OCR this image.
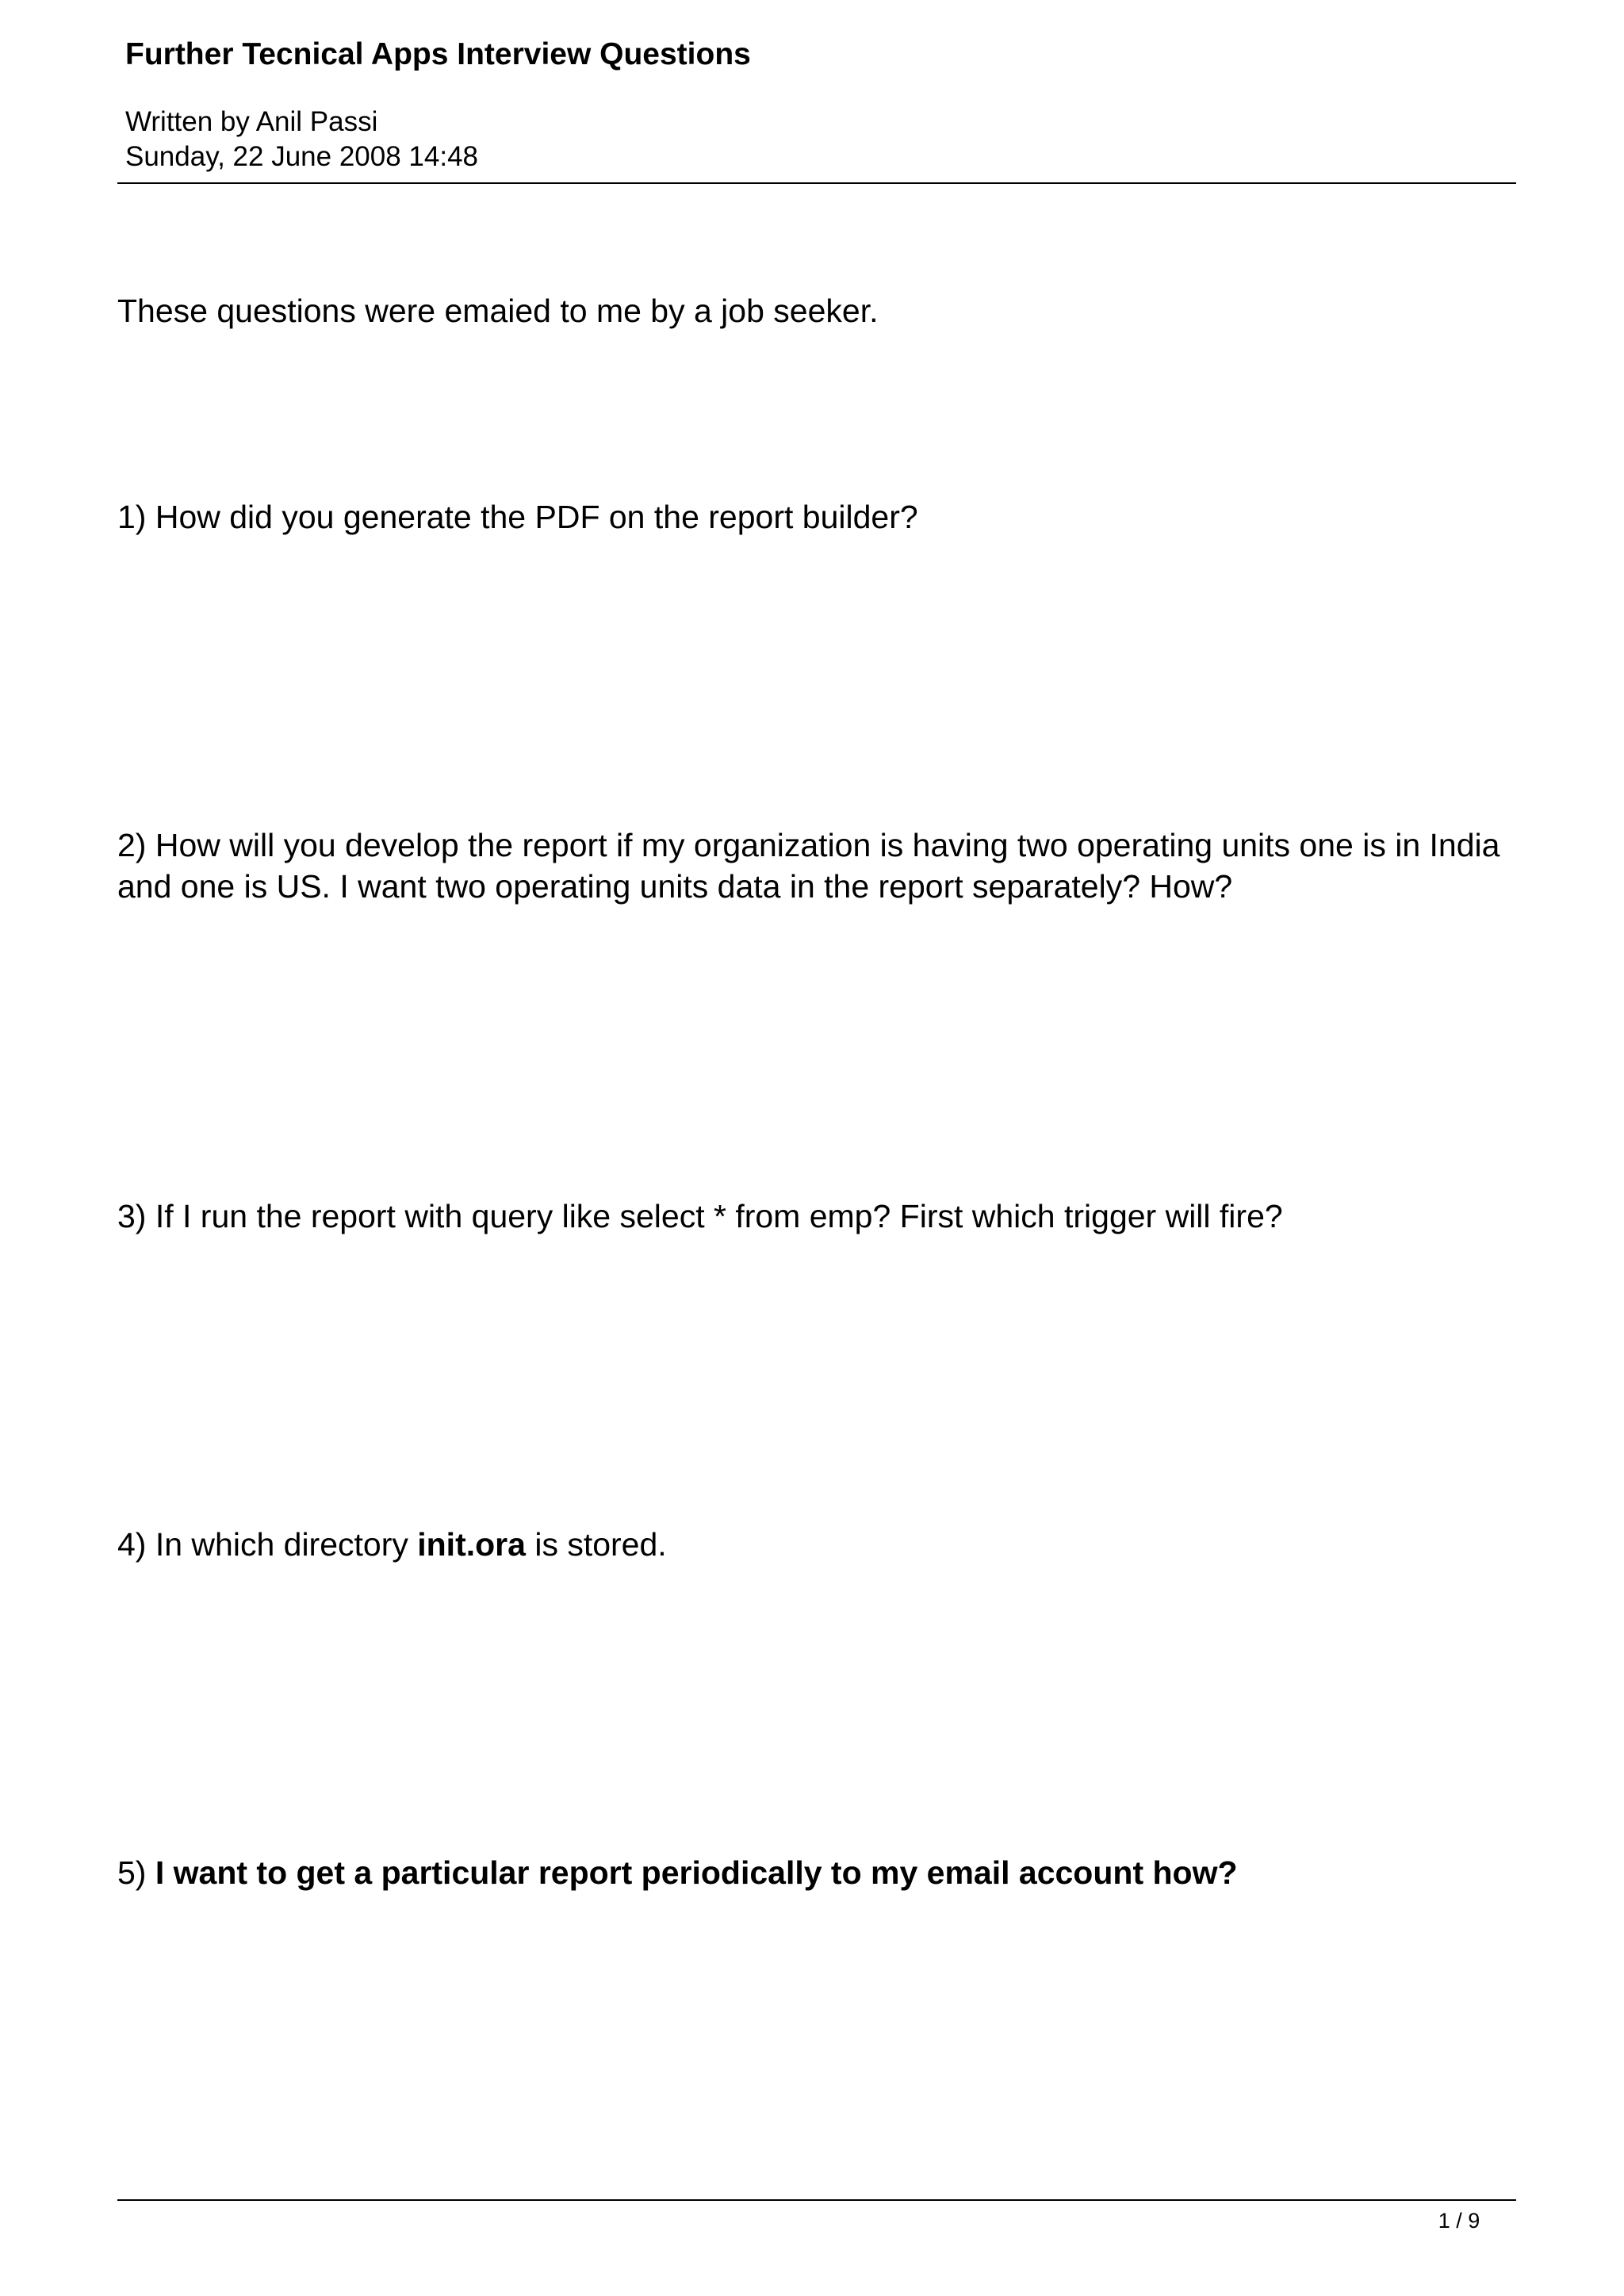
Further Tecnical Apps Interview Questions
Written by Anil Passi
Sunday, 22 June 2008 14:48
These questions were emaied to me by a job seeker.
1) How did you generate the PDF on the report builder?
2) How will you develop the report if my organization is having two operating units one is in India and one is US. I want two operating units data in the report separately? How?
3) If I run the report with query like select * from emp? First which trigger will fire?
4) In which directory init.ora is stored.
5) I want to get a particular report periodically to my email account how?
1 / 9
